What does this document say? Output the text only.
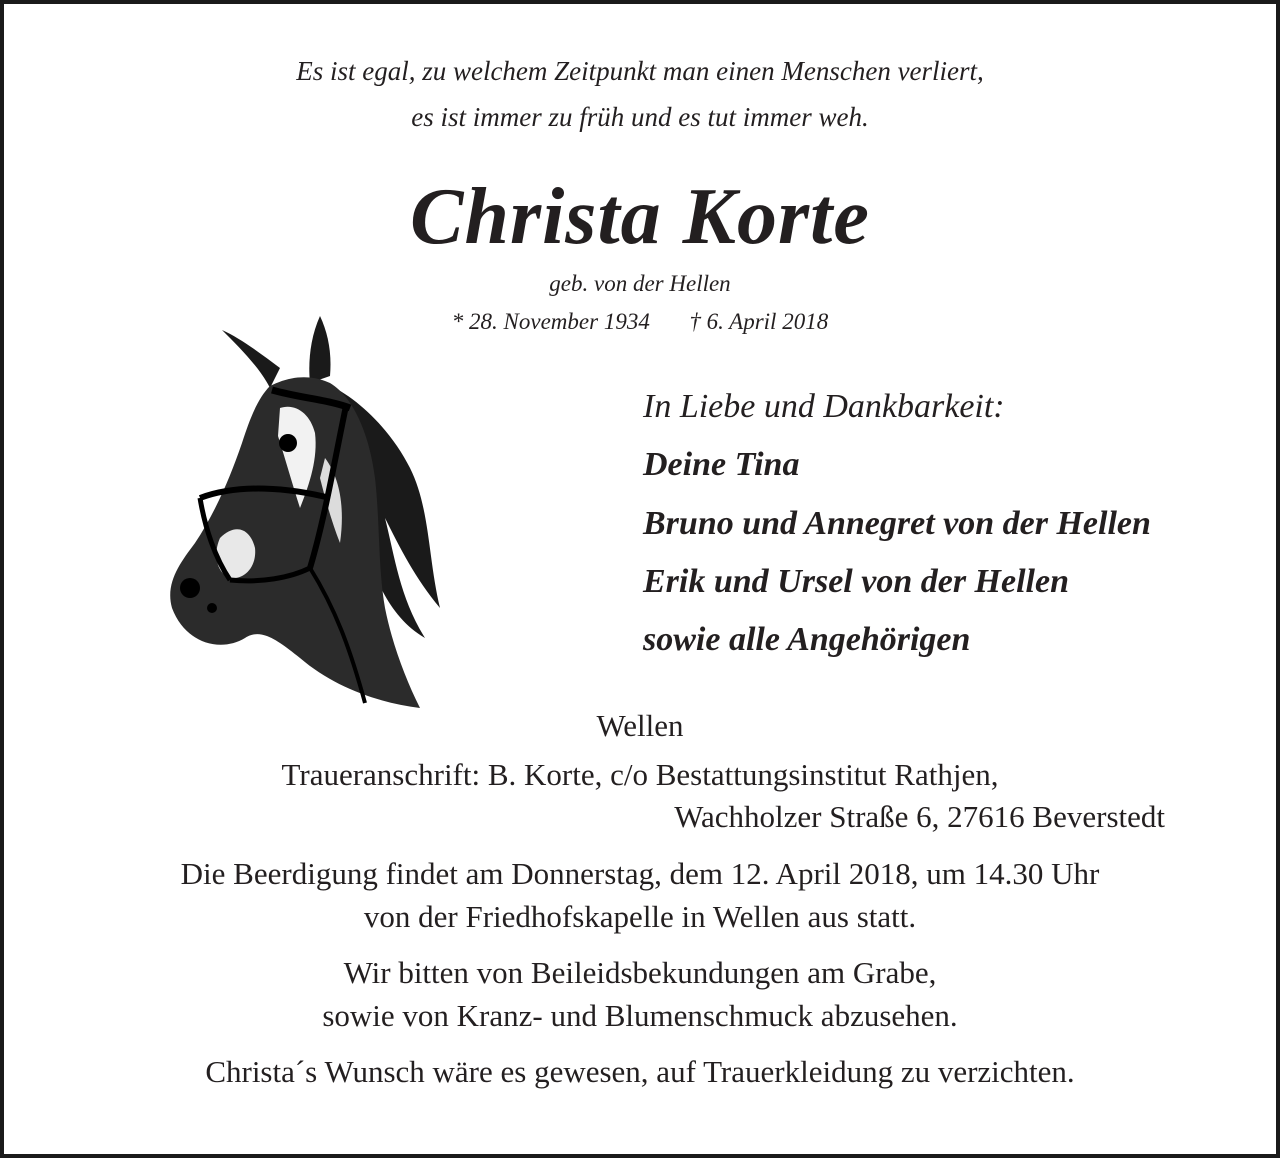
Es ist egal, zu welchem Zeitpunkt man einen Menschen verliert,
es ist immer zu früh und es tut immer weh.
Christa Korte
geb. von der Hellen
* 28. November 1934 † 6. April 2018
In Liebe und Dankbarkeit:
Deine Tina
Bruno und Annegret von der Hellen
Erik und Ursel von der Hellen
sowie alle Angehörigen
Wellen
Traueranschrift: B. Korte, c/o Bestattungsinstitut Rathjen,
Wachholzer Straße 6, 27616 Beverstedt
Die Beerdigung findet am Donnerstag, dem 12. April 2018, um 14.30 Uhr
von der Friedhofskapelle in Wellen aus statt.
Wir bitten von Beileidsbekundungen am Grabe,
sowie von Kranz- und Blumenschmuck abzusehen.
Christa´s Wunsch wäre es gewesen, auf Trauerkleidung zu verzichten.
